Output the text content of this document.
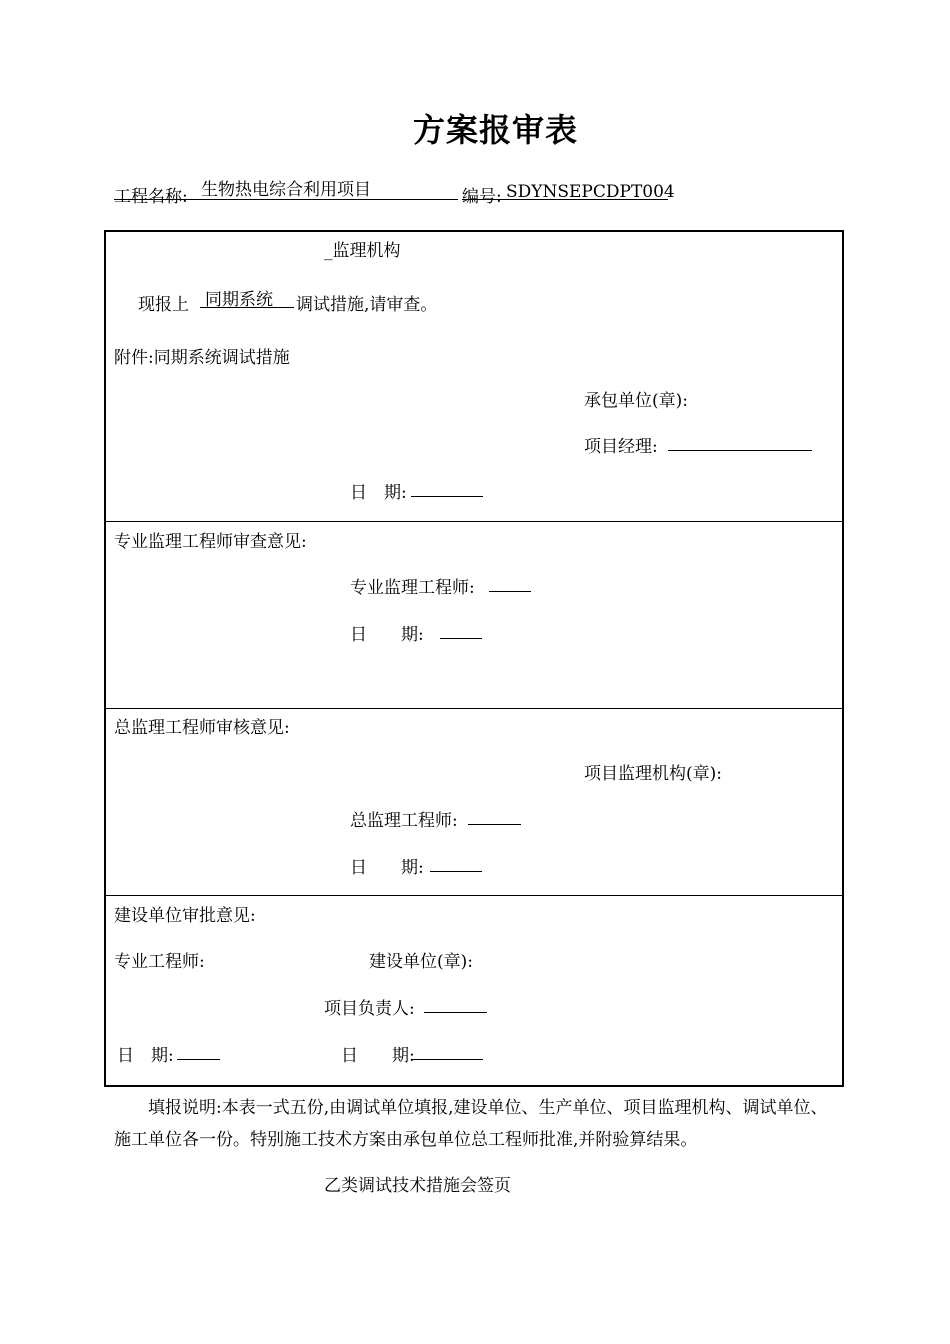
方案报审表
工程名称: 生物热电综合利用项目	编号: SDYNSEPCDPT004
_监理机构
现报上 同期系统 调试措施,请审查。
附件:同期系统调试措施
承包单位(章):
项目经理:
日　期:
专业监理工程师审查意见:
专业监理工程师:
日　　期:
总监理工程师审核意见:
项目监理机构(章):
总监理工程师:
日　　期:
建设单位审批意见:
专业工程师:	建设单位(章):
项目负责人:
日　期:	日　　期:
填报说明:本表一式五份,由调试单位填报,建设单位、生产单位、项目监理机构、调试单位、
施工单位各一份。特别施工技术方案由承包单位总工程师批准,并附验算结果。
乙类调试技术措施会签页
